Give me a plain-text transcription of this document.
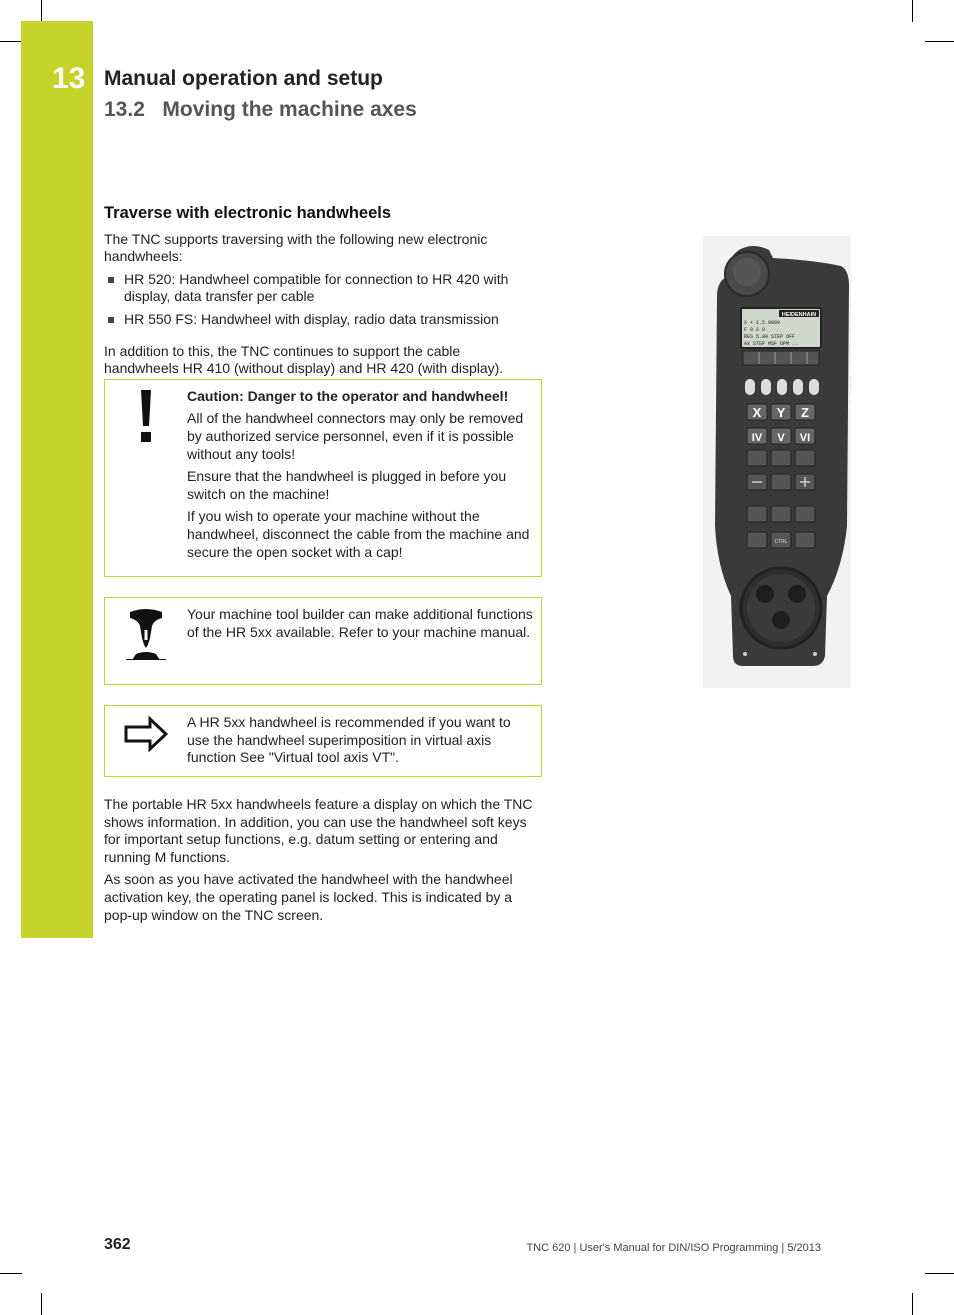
13 Manual operation and setup
13.2   Moving the machine axes
Traverse with electronic handwheels

The TNC supports traversing with the following new electronic handwheels:

HR 520: Handwheel compatible for connection to HR 420 with display, data transfer per cable
HR 550 FS: Handwheel with display, radio data transmission

In addition to this, the TNC continues to support the cable handwheels HR 410 (without display) and HR 420 (with display).

Caution: Danger to the operator and handwheel!

All of the handwheel connectors may only be removed by authorized service personnel, even if it is possible without any tools!

Ensure that the handwheel is plugged in before you switch on the machine!

If you wish to operate your machine without the handwheel, disconnect the cable from the machine and secure the open socket with a cap!

Your machine tool builder can make additional functions of the HR 5xx available. Refer to your machine manual.

A HR 5xx handwheel is recommended if you want to use the handwheel superimposition in virtual axis function See "Virtual tool axis VT".

The portable HR 5xx handwheels feature a display on which the TNC shows information. In addition, you can use the handwheel soft keys for important setup functions, e.g. datum setting or entering and running M functions.

As soon as you have activated the handwheel with the handwheel activation key, the operating panel is locked. This is indicated by a pop-up window on the TNC screen.

HEIDENHAIN
X + 1.5.9999
F 0 S 0
RES 5.00 STEP OFF
AX STEP MSF OPM ..
X Y Z
IV V VI
CTRL
362	TNC 620 | User's Manual for DIN/ISO Programming | 5/2013
